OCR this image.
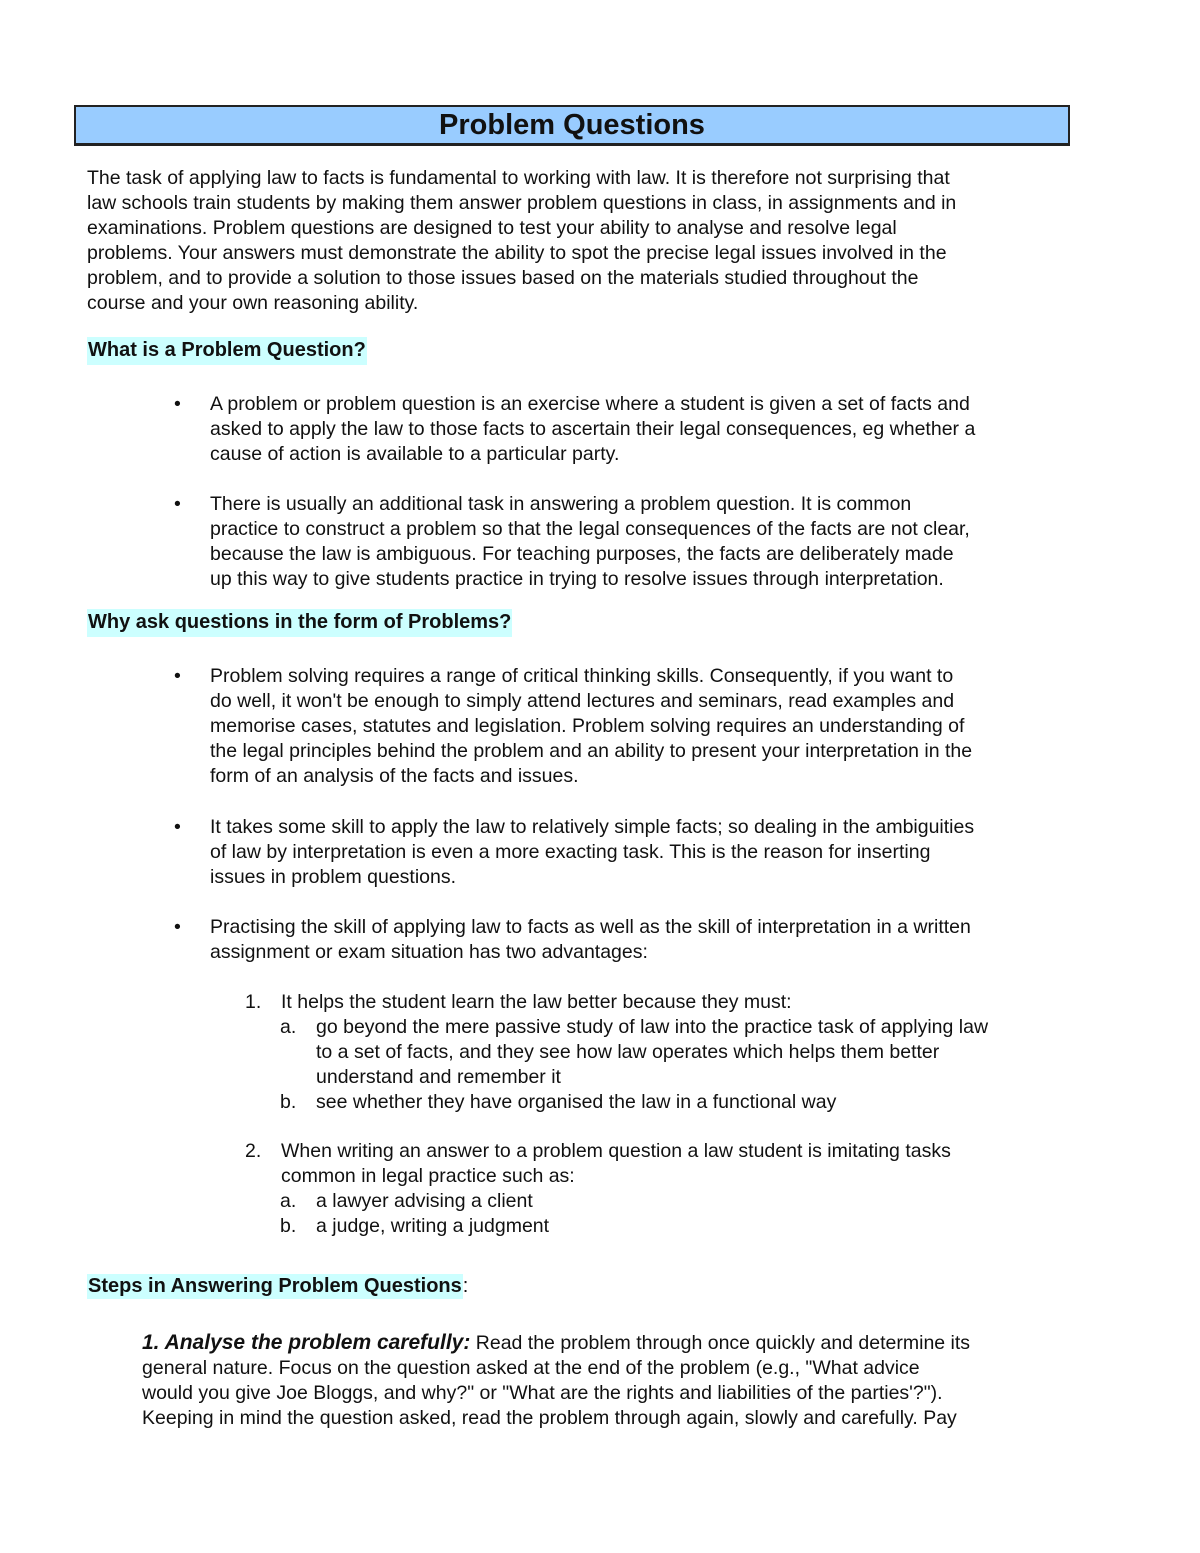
Problem Questions
The task of applying law to facts is fundamental to working with law. It is therefore not surprising that
law schools train students by making them answer problem questions in class, in assignments and in
examinations. Problem questions are designed to test your ability to analyse and resolve legal
problems. Your answers must demonstrate the ability to spot the precise legal issues involved in the
problem, and to provide a solution to those issues based on the materials studied throughout the
course and your own reasoning ability.
What is a Problem Question?
• A problem or problem question is an exercise where a student is given a set of facts and
asked to apply the law to those facts to ascertain their legal consequences, eg whether a
cause of action is available to a particular party.
• There is usually an additional task in answering a problem question. It is common
practice to construct a problem so that the legal consequences of the facts are not clear,
because the law is ambiguous. For teaching purposes, the facts are deliberately made
up this way to give students practice in trying to resolve issues through interpretation.
Why ask questions in the form of Problems?
• Problem solving requires a range of critical thinking skills. Consequently, if you want to
do well, it won't be enough to simply attend lectures and seminars, read examples and
memorise cases, statutes and legislation. Problem solving requires an understanding of
the legal principles behind the problem and an ability to present your interpretation in the
form of an analysis of the facts and issues.
• It takes some skill to apply the law to relatively simple facts; so dealing in the ambiguities
of law by interpretation is even a more exacting task. This is the reason for inserting
issues in problem questions.
• Practising the skill of applying law to facts as well as the skill of interpretation in a written
assignment or exam situation has two advantages:
1. It helps the student learn the law better because they must:
a. go beyond the mere passive study of law into the practice task of applying law
to a set of facts, and they see how law operates which helps them better
understand and remember it
b. see whether they have organised the law in a functional way
2. When writing an answer to a problem question a law student is imitating tasks
common in legal practice such as:
a. a lawyer advising a client
b. a judge, writing a judgment
Steps in Answering Problem Questions:
1. Analyse the problem carefully: Read the problem through once quickly and determine its
general nature. Focus on the question asked at the end of the problem (e.g., "What advice
would you give Joe Bloggs, and why?" or "What are the rights and liabilities of the parties'?").
Keeping in mind the question asked, read the problem through again, slowly and carefully. Pay
